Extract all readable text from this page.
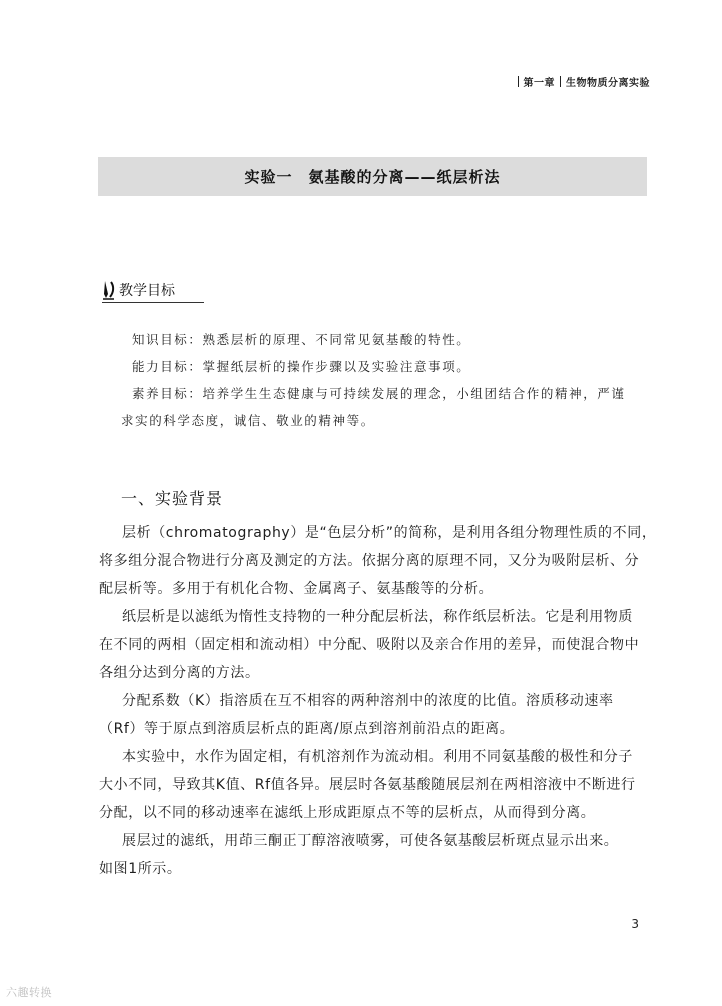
第一章 生物物质分离实验
实验一　氨基酸的分离——纸层析法
教学目标
知识目标：熟悉层析的原理、不同常见氨基酸的特性。
能力目标：掌握纸层析的操作步骤以及实验注意事项。
素养目标：培养学生生态健康与可持续发展的理念，小组团结合作的精神，严谨
求实的科学态度，诚信、敬业的精神等。
一、实验背景
层析（chromatography）是“色层分析”的简称，是利用各组分物理性质的不同，
将多组分混合物进行分离及测定的方法。依据分离的原理不同，又分为吸附层析、分
配层析等。多用于有机化合物、金属离子、氨基酸等的分析。
纸层析是以滤纸为惰性支持物的一种分配层析法，称作纸层析法。它是利用物质
在不同的两相（固定相和流动相）中分配、吸附以及亲合作用的差异，而使混合物中
各组分达到分离的方法。
分配系数（K）指溶质在互不相容的两种溶剂中的浓度的比值。溶质移动速率
（Rf）等于原点到溶质层析点的距离/原点到溶剂前沿点的距离。
本实验中，水作为固定相，有机溶剂作为流动相。利用不同氨基酸的极性和分子
大小不同，导致其K值、Rf值各异。展层时各氨基酸随展层剂在两相溶液中不断进行
分配，以不同的移动速率在滤纸上形成距原点不等的层析点，从而得到分离。
展层过的滤纸，用茚三酮正丁醇溶液喷雾，可使各氨基酸层析斑点显示出来。
如图1所示。
3
六趣转换
